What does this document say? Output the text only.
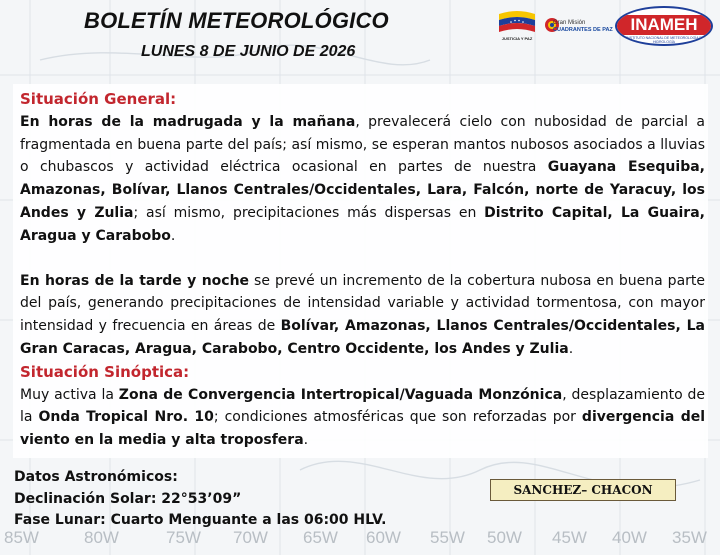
BOLETÍN METEOROLÓGICO
LUNES 8 DE JUNIO DE 2026
JUSTICIA Y PAZ
Gran Misión
CUADRANTES DE PAZ	INAMEH
INSTITUTO NACIONAL DE METEOROLOGÍA E HIDROLOGÍA
Situación General:

En horas de la madrugada y la mañana, prevalecerá cielo con nubosidad de parcial a fragmentada en buena parte del país; así mismo, se esperan mantos nubosos asociados a lluvias o chubascos y actividad eléctrica ocasional en partes de nuestra Guayana Esequiba, Amazonas, Bolívar, Llanos Centrales/Occidentales, Lara, Falcón, norte de Yaracuy, los Andes y Zulia; así mismo, precipitaciones más dispersas en Distrito Capital, La Guaira, Aragua y Carabobo.

En horas de la tarde y noche se prevé un incremento de la cobertura nubosa en buena parte del país, generando precipitaciones de intensidad variable y actividad tormentosa, con mayor intensidad y frecuencia en áreas de Bolívar, Amazonas, Llanos Centrales/Occidentales, La Gran Caracas, Aragua, Carabobo, Centro Occidente, los Andes y Zulia.

Situación Sinóptica:

Muy activa la Zona de Convergencia Intertropical/Vaguada Monzónica, desplazamiento de la Onda Tropical Nro. 10; condiciones atmosféricas que son reforzadas por divergencia del viento en la media y alta troposfera.

Datos Astronómicos:
Declinación Solar: 22°53’09”
Fase Lunar: Cuarto Menguante a las 06:00 HLV.
SANCHEZ– CHACON
85W	80W	75W 70W 65W 60W 55W 50W 45W 40W 35W
